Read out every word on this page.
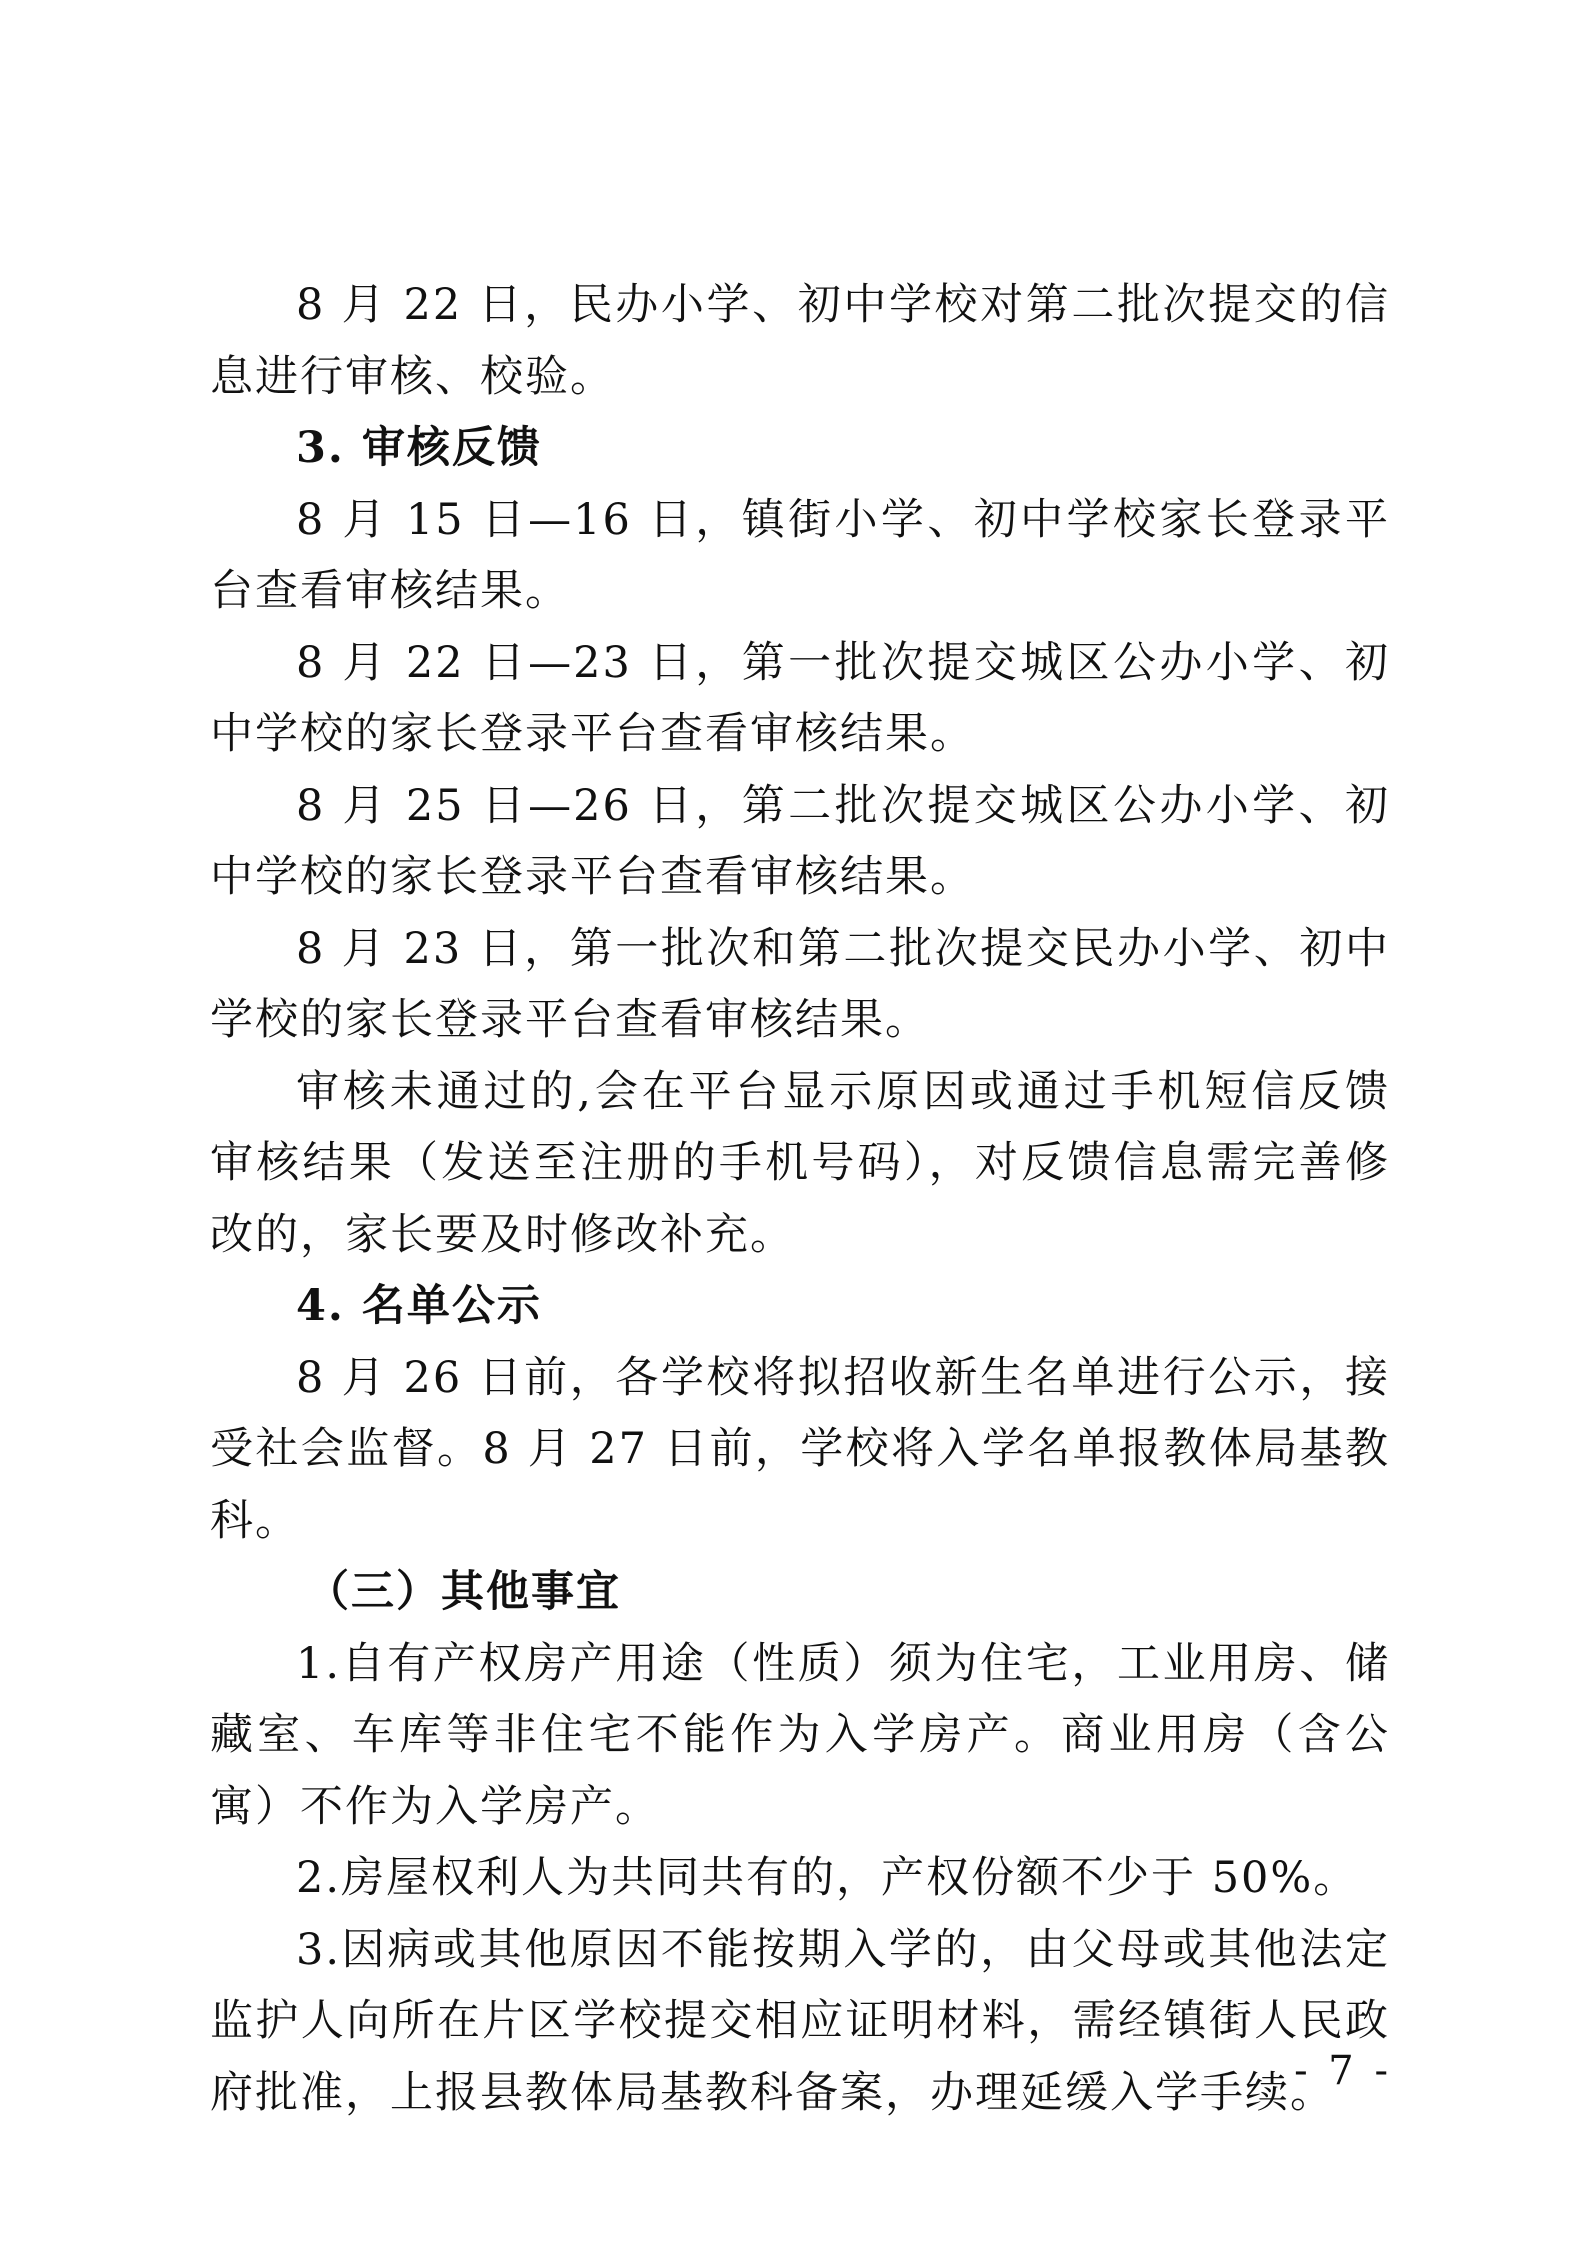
8 月 22 日，民办小学、初中学校对第二批次提交的信息进行审核、校验。

3. 审核反馈

8 月 15 日—16 日，镇街小学、初中学校家长登录平台查看审核结果。

8 月 22 日—23 日，第一批次提交城区公办小学、初中学校的家长登录平台查看审核结果。

8 月 25 日—26 日，第二批次提交城区公办小学、初中学校的家长登录平台查看审核结果。

8 月 23 日，第一批次和第二批次提交民办小学、初中学校的家长登录平台查看审核结果。

审核未通过的,会在平台显示原因或通过手机短信反馈审核结果（发送至注册的手机号码），对反馈信息需完善修改的，家长要及时修改补充。

4. 名单公示

8 月 26 日前，各学校将拟招收新生名单进行公示，接受社会监督。8 月 27 日前，学校将入学名单报教体局基教科。

（三）其他事宜

1.自有产权房产用途（性质）须为住宅，工业用房、储藏室、车库等非住宅不能作为入学房产。商业用房（含公寓）不作为入学房产。

2.房屋权利人为共同共有的，产权份额不少于 50%。

3.因病或其他原因不能按期入学的，由父母或其他法定监护人向所在片区学校提交相应证明材料，需经镇街人民政府批准，上报县教体局基教科备案，办理延缓入学手续。

- 7 -
